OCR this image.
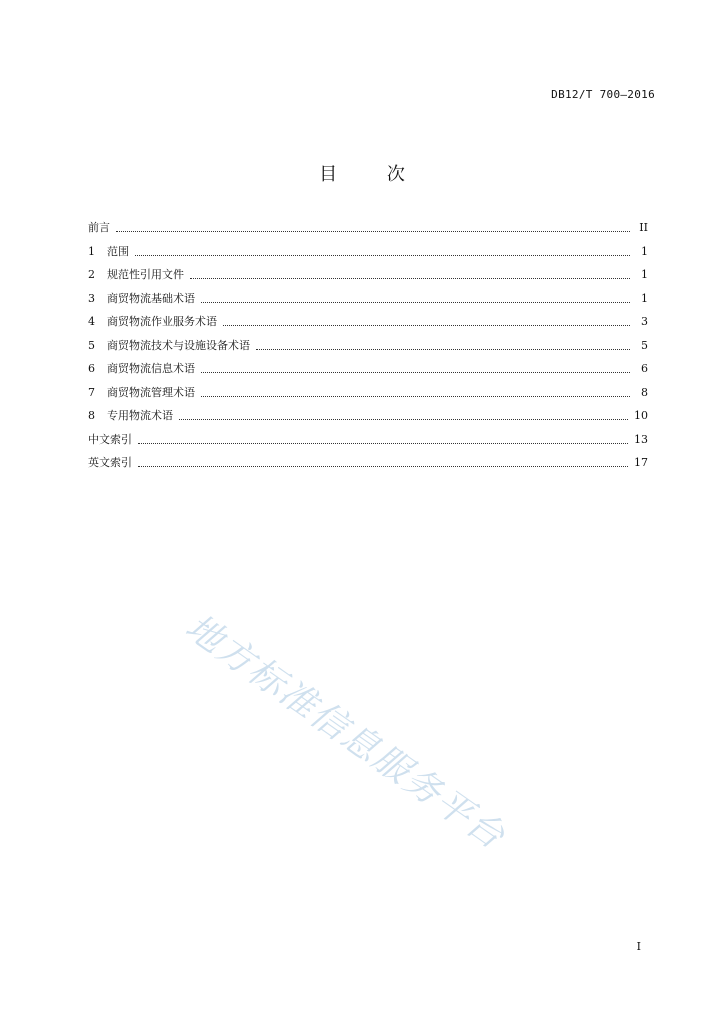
DB12/T 700—2016
目 次
前言	II
1	范围	1
2	规范性引用文件	1
3	商贸物流基础术语	1
4	商贸物流作业服务术语	3
5	商贸物流技术与设施设备术语	5
6	商贸物流信息术语	6
7	商贸物流管理术语	8
8	专用物流术语	10
中文索引	13
英文索引	17
地方标准信息服务平台
I
